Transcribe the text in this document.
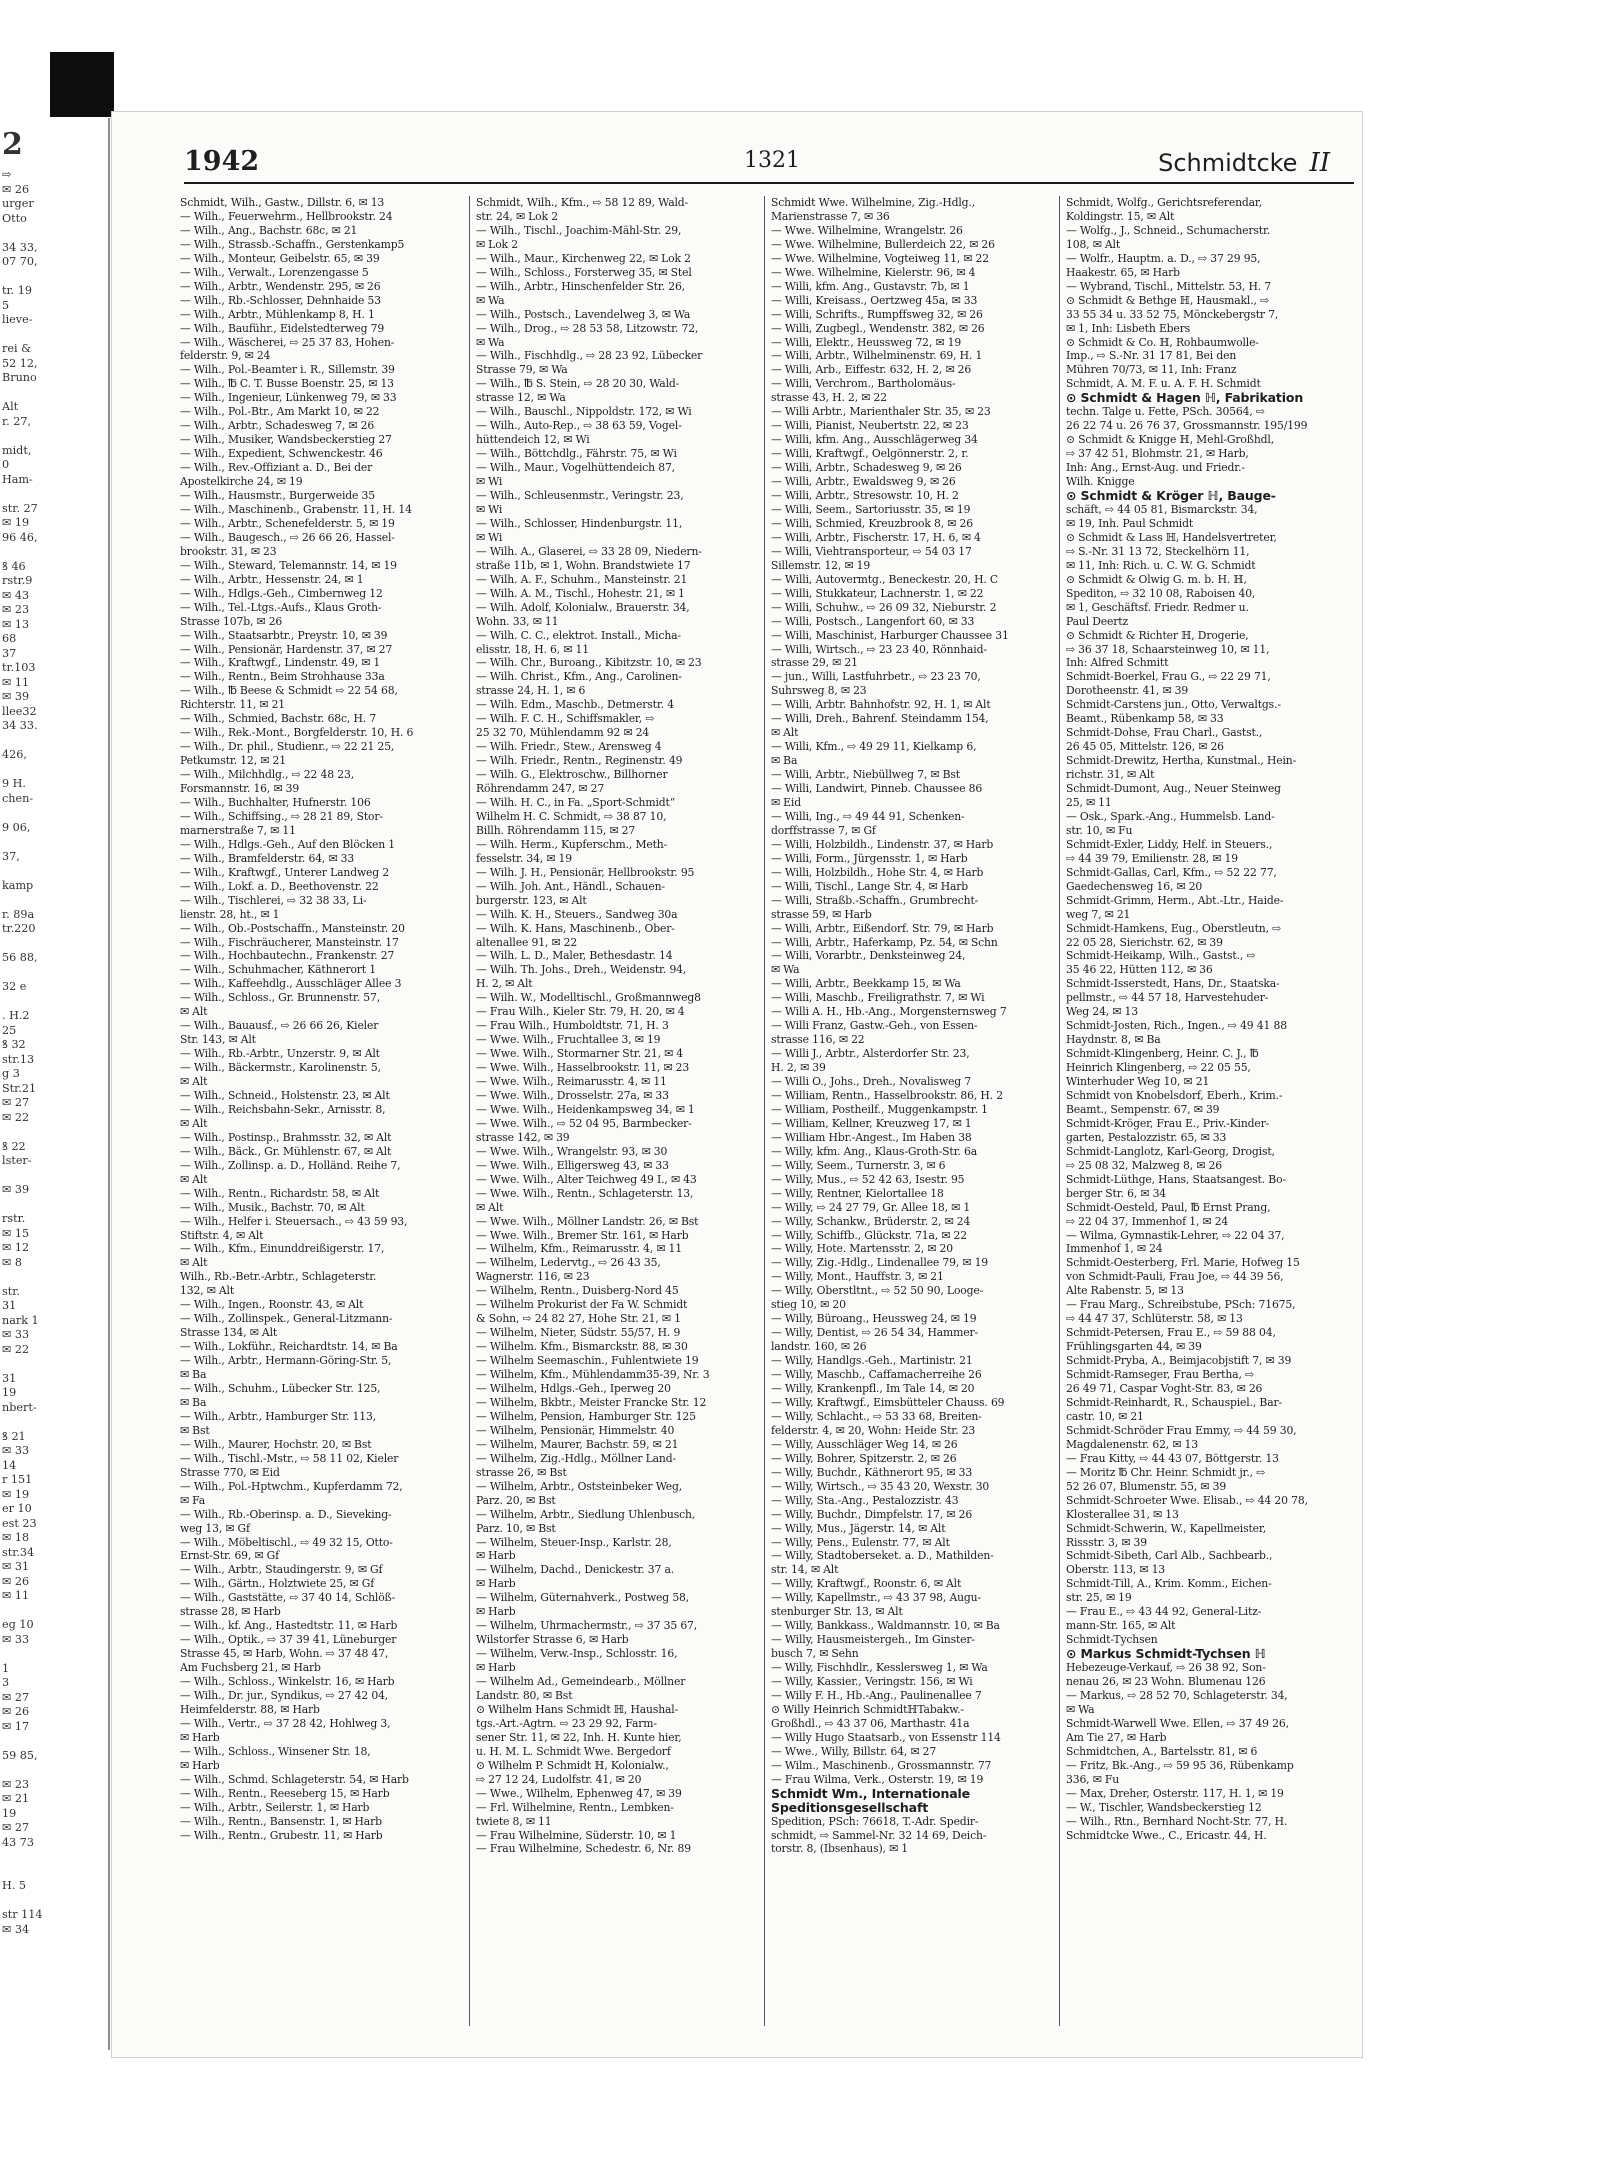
2
⇨
✉ 26
urger
Otto

34 33,
07 70,

tr. 19
5
lieve-

rei &
52 12,
Bruno

Alt
r. 27,

midt,
0
Ham-

str. 27
✉ 19
96 46,

ꝸ 46
rstr.9
✉ 43
✉ 23
✉ 13
68
37
tr.103
✉ 11
✉ 39
llee32
34 33.

426,

9 H.
chen-

9 06,

37,

kamp

r. 89a
tr.220

56 88,

32 e

. H.2
25
ꝸ 32
str.13
g 3
Str.21
✉ 27
✉ 22

ꝸ 22
lster-

✉ 39

rstr.
✉ 15
✉ 12
✉ 8

str.
31
nark 1
✉ 33
✉ 22

31
19
nbert-

ꝸ 21
✉ 33
14
r 151
✉ 19
er 10
est 23
✉ 18
str.34
✉ 31
✉ 26
✉ 11

eg 10
✉ 33

1
3
✉ 27
✉ 26
✉ 17

59 85,

✉ 23
✉ 21
19
✉ 27
43 73

H. 5

str 114
✉ 34
1942	1321	Schmidtcke II
Schmidt, Wilh., Gastw., Dillstr. 6, ✉ 13
— Wilh., Feuerwehrm., Hellbrookstr. 24
— Wilh., Ang., Bachstr. 68c, ✉ 21
— Wilh., Strassb.-Schaffn., Gerstenkamp5
— Wilh., Monteur, Geibelstr. 65, ✉ 39
— Wilh., Verwalt., Lorenzengasse 5
— Wilh., Arbtr., Wendenstr. 295, ✉ 26
— Wilh., Rb.-Schlosser, Dehnhaide 53
— Wilh., Arbtr., Mühlenkamp 8, H. 1
— Wilh., Bauführ., Eidelstedterweg 79
— Wilh., Wäscherei, ⇨ 25 37 83, Hohen-
felderstr. 9, ✉ 24
— Wilh., Pol.-Beamter i. R., Sillemstr. 39
— Wilh., ℔ C. T. Busse Boenstr. 25, ✉ 13
— Wilh., Ingenieur, Lünkenweg 79, ✉ 33
— Wilh., Pol.-Btr., Am Markt 10, ✉ 22
— Wilh., Arbtr., Schadesweg 7, ✉ 26
— Wilh., Musiker, Wandsbeckerstieg 27
— Wilh., Expedient, Schwenckestr. 46
— Wilh., Rev.-Offiziant a. D., Bei der
Apostelkirche 24, ✉ 19
— Wilh., Hausmstr., Burgerweide 35
— Wilh., Maschinenb., Grabenstr. 11, H. 14
— Wilh., Arbtr., Schenefelderstr. 5, ✉ 19
— Wilh., Baugesch., ⇨ 26 66 26, Hassel-
brookstr. 31, ✉ 23
— Wilh., Steward, Telemannstr. 14, ✉ 19
— Wilh., Arbtr., Hessenstr. 24, ✉ 1
— Wilh., Hdlgs.-Geh., Cimbernweg 12
— Wilh., Tel.-Ltgs.-Aufs., Klaus Groth-
Strasse 107b, ✉ 26
— Wilh., Staatsarbtr., Preystr. 10, ✉ 39
— Wilh., Pensionär, Hardenstr. 37, ✉ 27
— Wilh., Kraftwgf., Lindenstr. 49, ✉ 1
— Wilh., Rentn., Beim Strohhause 33a
— Wilh., ℔ Beese & Schmidt ⇨ 22 54 68,
Richterstr. 11, ✉ 21
— Wilh., Schmied, Bachstr. 68c, H. 7
— Wilh., Rek.-Mont., Borgfelderstr. 10, H. 6
— Wilh., Dr. phil., Studienr., ⇨ 22 21 25,
Petkumstr. 12, ✉ 21
— Wilh., Milchhdlg., ⇨ 22 48 23,
Forsmannstr. 16, ✉ 39
— Wilh., Buchhalter, Hufnerstr. 106
— Wilh., Schiffsing., ⇨ 28 21 89, Stor-
marnerstraße 7, ✉ 11
— Wilh., Hdlgs.-Geh., Auf den Blöcken 1
— Wilh., Bramfelderstr. 64, ✉ 33
— Wilh., Kraftwgf., Unterer Landweg 2
— Wilh., Lokf. a. D., Beethovenstr. 22
— Wilh., Tischlerei, ⇨ 32 38 33, Li-
lienstr. 28, ht., ✉ 1
— Wilh., Ob.-Postschaffn., Mansteinstr. 20
— Wilh., Fischräucherer, Mansteinstr. 17
— Wilh., Hochbautechn., Frankenstr. 27
— Wilh., Schuhmacher, Käthnerort 1
— Wilh., Kaffeehdlg., Ausschläger Allee 3
— Wilh., Schloss., Gr. Brunnenstr. 57,
✉ Alt
— Wilh., Bauausf., ⇨ 26 66 26, Kieler
Str. 143, ✉ Alt
— Wilh., Rb.-Arbtr., Unzerstr. 9, ✉ Alt
— Wilh., Bäckermstr., Karolinenstr. 5,
✉ Alt
— Wilh., Schneid., Holstenstr. 23, ✉ Alt
— Wilh., Reichsbahn-Sekr., Arnisstr. 8,
✉ Alt
— Wilh., Postinsp., Brahmsstr. 32, ✉ Alt
— Wilh., Bäck., Gr. Mühlenstr. 67, ✉ Alt
— Wilh., Zollinsp. a. D., Holländ. Reihe 7,
✉ Alt
— Wilh., Rentn., Richardstr. 58, ✉ Alt
— Wilh., Musik., Bachstr. 70, ✉ Alt
— Wilh., Helfer i. Steuersach., ⇨ 43 59 93,
Stiftstr. 4, ✉ Alt
— Wilh., Kfm., Einunddreißigerstr. 17,
✉ Alt
Wilh., Rb.-Betr.-Arbtr., Schlageterstr.
132, ✉ Alt
— Wilh., Ingen., Roonstr. 43, ✉ Alt
— Wilh., Zollinspek., General-Litzmann-
Strasse 134, ✉ Alt
— Wilh., Lokführ., Reichardtstr. 14, ✉ Ba
— Wilh., Arbtr., Hermann-Göring-Str. 5,
✉ Ba
— Wilh., Schuhm., Lübecker Str. 125,
✉ Ba
— Wilh., Arbtr., Hamburger Str. 113,
✉ Bst
— Wilh., Maurer, Hochstr. 20, ✉ Bst
— Wilh., Tischl.-Mstr., ⇨ 58 11 02, Kieler
Strasse 770, ✉ Eid
— Wilh., Pol.-Hptwchm., Kupferdamm 72,
✉ Fa
— Wilh., Rb.-Oberinsp. a. D., Sieveking-
weg 13, ✉ Gf
— Wilh., Möbeltischl., ⇨ 49 32 15, Otto-
Ernst-Str. 69, ✉ Gf
— Wilh., Arbtr., Staudingerstr. 9, ✉ Gf
— Wilh., Gärtn., Holztwiete 25, ✉ Gf
— Wilh., Gaststätte, ⇨ 37 40 14, Schlöß-
strasse 28, ✉ Harb
— Wilh., kf. Ang., Hastedtstr. 11, ✉ Harb
— Wilh., Optik., ⇨ 37 39 41, Lüneburger
Strasse 45, ✉ Harb, Wohn. ⇨ 37 48 47,
Am Fuchsberg 21, ✉ Harb
— Wilh., Schloss., Winkelstr. 16, ✉ Harb
— Wilh., Dr. jur., Syndikus, ⇨ 27 42 04,
Heimfelderstr. 88, ✉ Harb
— Wilh., Vertr., ⇨ 37 28 42, Hohlweg 3,
✉ Harb
— Wilh., Schloss., Winsener Str. 18,
✉ Harb
— Wilh., Schmd. Schlageterstr. 54, ✉ Harb
— Wilh., Rentn., Reeseberg 15, ✉ Harb
— Wilh., Arbtr., Seilerstr. 1, ✉ Harb
— Wilh., Rentn., Bansenstr. 1, ✉ Harb
— Wilh., Rentn., Grubestr. 11, ✉ Harb
Schmidt, Wilh., Kfm., ⇨ 58 12 89, Wald-
str. 24, ✉ Lok 2
— Wilh., Tischl., Joachim-Mähl-Str. 29,
✉ Lok 2
— Wilh., Maur., Kirchenweg 22, ✉ Lok 2
— Wilh., Schloss., Forsterweg 35, ✉ Stel
— Wilh., Arbtr., Hinschenfelder Str. 26,
✉ Wa
— Wilh., Postsch., Lavendelweg 3, ✉ Wa
— Wilh., Drog., ⇨ 28 53 58, Litzowstr. 72,
✉ Wa
— Wilh., Fischhdlg., ⇨ 28 23 92, Lübecker
Strasse 79, ✉ Wa
— Wilh., ℔ S. Stein, ⇨ 28 20 30, Wald-
strasse 12, ✉ Wa
— Wilh., Bauschl., Nippoldstr. 172, ✉ Wi
— Wilh., Auto-Rep., ⇨ 38 63 59, Vogel-
hüttendeich 12, ✉ Wi
— Wilh., Böttchdlg., Fährstr. 75, ✉ Wi
— Wilh., Maur., Vogelhüttendeich 87,
✉ Wi
— Wilh., Schleusenmstr., Veringstr. 23,
✉ Wi
— Wilh., Schlosser, Hindenburgstr. 11,
✉ Wi
— Wilh. A., Glaserei, ⇨ 33 28 09, Niedern-
straße 11b, ✉ 1, Wohn. Brandstwiete 17
— Wilh. A. F., Schuhm., Mansteinstr. 21
— Wilh. A. M., Tischl., Hohestr. 21, ✉ 1
— Wilh. Adolf, Kolonialw., Brauerstr. 34,
Wohn. 33, ✉ 11
— Wilh. C. C., elektrot. Install., Micha-
elisstr. 18, H. 6, ✉ 11
— Wilh. Chr., Buroang., Kibitzstr. 10, ✉ 23
— Wilh. Christ., Kfm., Ang., Carolinen-
strasse 24, H. 1, ✉ 6
— Wilh. Edm., Maschb., Detmerstr. 4
— Wilh. F. C. H., Schiffsmakler, ⇨
25 32 70, Mühlendamm 92 ✉ 24
— Wilh. Friedr., Stew., Arensweg 4
— Wilh. Friedr., Rentn., Reginenstr. 49
— Wilh. G., Elektroschw., Billhorner
Röhrendamm 247, ✉ 27
— Wilh. H. C., in Fa. „Sport-Schmidt“
Wilhelm H. C. Schmidt, ⇨ 38 87 10,
Billh. Röhrendamm 115, ✉ 27
— Wilh. Herm., Kupferschm., Meth-
fesselstr. 34, ✉ 19
— Wilh. J. H., Pensionär, Hellbrookstr. 95
— Wilh. Joh. Ant., Händl., Schauen-
burgerstr. 123, ✉ Alt
— Wilh. K. H., Steuers., Sandweg 30a
— Wilh. K. Hans, Maschinenb., Ober-
altenallee 91, ✉ 22
— Wilh. L. D., Maler, Bethesdastr. 14
— Wilh. Th. Johs., Dreh., Weidenstr. 94,
H. 2, ✉ Alt
— Wilh. W., Modelltischl., Großmannweg8
— Frau Wilh., Kieler Str. 79, H. 20, ✉ 4
— Frau Wilh., Humboldtstr. 71, H. 3
— Wwe. Wilh., Fruchtallee 3, ✉ 19
— Wwe. Wilh., Stormarner Str. 21, ✉ 4
— Wwe. Wilh., Hasselbrookstr. 11, ✉ 23
— Wwe. Wilh., Reimarusstr. 4, ✉ 11
— Wwe. Wilh., Drosselstr. 27a, ✉ 33
— Wwe. Wilh., Heidenkampsweg 34, ✉ 1
— Wwe. Wilh., ⇨ 52 04 95, Barmbecker-
strasse 142, ✉ 39
— Wwe. Wilh., Wrangelstr. 93, ✉ 30
— Wwe. Wilh., Elligersweg 43, ✉ 33
— Wwe. Wilh., Alter Teichweg 49 I., ✉ 43
— Wwe. Wilh., Rentn., Schlageterstr. 13,
✉ Alt
— Wwe. Wilh., Möllner Landstr. 26, ✉ Bst
— Wwe. Wilh., Bremer Str. 161, ✉ Harb
— Wilhelm, Kfm., Reimarusstr. 4, ✉ 11
— Wilhelm, Ledervtg., ⇨ 26 43 35,
Wagnerstr. 116, ✉ 23
— Wilhelm, Rentn., Duisberg-Nord 45
— Wilhelm Prokurist der Fa W. Schmidt
& Sohn, ⇨ 24 82 27, Hohe Str. 21, ✉ 1
— Wilhelm, Nieter, Südstr. 55/57, H. 9
— Wilhelm. Kfm., Bismarckstr. 88, ✉ 30
— Wilhelm Seemaschin., Fuhlentwiete 19
— Wilhelm, Kfm., Mühlendamm35-39, Nr. 3
— Wilhelm, Hdlgs.-Geh., Iperweg 20
— Wilhelm, Bkbtr., Meister Francke Str. 12
— Wilhelm, Pension, Hamburger Str. 125
— Wilhelm, Pensionär, Himmelstr. 40
— Wilhelm, Maurer, Bachstr. 59, ✉ 21
— Wilhelm, Zig.-Hdlg., Möllner Land-
strasse 26, ✉ Bst
— Wilhelm, Arbtr., Oststeinbeker Weg,
Parz. 20, ✉ Bst
— Wilhelm, Arbtr., Siedlung Uhlenbusch,
Parz. 10, ✉ Bst
— Wilhelm, Steuer-Insp., Karlstr. 28,
✉ Harb
— Wilhelm, Dachd., Denickestr. 37 a.
✉ Harb
— Wilhelm, Güternahverk., Postweg 58,
✉ Harb
— Wilhelm, Uhrmachermstr., ⇨ 37 35 67,
Wilstorfer Strasse 6, ✉ Harb
— Wilhelm, Verw.-Insp., Schlosstr. 16,
✉ Harb
— Wilhelm Ad., Gemeindearb., Möllner
Landstr. 80, ✉ Bst
⊙ Wilhelm Hans Schmidt ℍ, Haushal-
tgs.-Art.-Agtrn. ⇨ 23 29 92, Farm-
sener Str. 11, ✉ 22, Inh. H. Kunte hier,
u. H. M. L. Schmidt Wwe. Bergedorf
⊙ Wilhelm P. Schmidt ℍ, Kolonialw.,
⇨ 27 12 24, Ludolfstr. 41, ✉ 20
— Wwe., Wilhelm, Ephenweg 47, ✉ 39
— Frl. Wilhelmine, Rentn., Lembken-
twiete 8, ✉ 11
— Frau Wilhelmine, Süderstr. 10, ✉ 1
— Frau Wilhelmine, Schedestr. 6, Nr. 89
Schmidt Wwe. Wilhelmine, Zig.-Hdlg.,
Marienstrasse 7, ✉ 36
— Wwe. Wilhelmine, Wrangelstr. 26
— Wwe. Wilhelmine, Bullerdeich 22, ✉ 26
— Wwe. Wilhelmine, Vogteiweg 11, ✉ 22
— Wwe. Wilhelmine, Kielerstr. 96, ✉ 4
— Willi, kfm. Ang., Gustavstr. 7b, ✉ 1
— Willi, Kreisass., Oertzweg 45a, ✉ 33
— Willi, Schrifts., Rumpffsweg 32, ✉ 26
— Willi, Zugbegl., Wendenstr. 382, ✉ 26
— Willi, Elektr., Heussweg 72, ✉ 19
— Willi, Arbtr., Wilhelminenstr. 69, H. 1
— Willi, Arb., Eiffestr. 632, H. 2, ✉ 26
— Willi, Verchrom., Bartholomäus-
strasse 43, H. 2, ✉ 22
— Willi Arbtr., Marienthaler Str. 35, ✉ 23
— Willi, Pianist, Neubertstr. 22, ✉ 23
— Willi, kfm. Ang., Ausschlägerweg 34
— Willi, Kraftwgf., Oelgönnerstr. 2, r.
— Willi, Arbtr., Schadesweg 9, ✉ 26
— Willi, Arbtr., Ewaldsweg 9, ✉ 26
— Willi, Arbtr., Stresowstr. 10, H. 2
— Willi, Seem., Sartoriusstr. 35, ✉ 19
— Willi, Schmied, Kreuzbrook 8, ✉ 26
— Willi, Arbtr., Fischerstr. 17, H. 6, ✉ 4
— Willi, Viehtransporteur, ⇨ 54 03 17
Sillemstr. 12, ✉ 19
— Willi, Autovermtg., Beneckestr. 20, H. C
— Willi, Stukkateur, Lachnerstr. 1, ✉ 22
— Willi, Schuhw., ⇨ 26 09 32, Nieburstr. 2
— Willi, Postsch., Langenfort 60, ✉ 33
— Willi, Maschinist, Harburger Chaussee 31
— Willi, Wirtsch., ⇨ 23 23 40, Rönnhaid-
strasse 29, ✉ 21
— jun., Willi, Lastfuhrbetr., ⇨ 23 23 70,
Suhrsweg 8, ✉ 23
— Willi, Arbtr. Bahnhofstr. 92, H. 1, ✉ Alt
— Willi, Dreh., Bahrenf. Steindamm 154,
✉ Alt
— Willi, Kfm., ⇨ 49 29 11, Kielkamp 6,
✉ Ba
— Willi, Arbtr., Niebüllweg 7, ✉ Bst
— Willi, Landwirt, Pinneb. Chaussee 86
✉ Eid
— Willi, Ing., ⇨ 49 44 91, Schenken-
dorffstrasse 7, ✉ Gf
— Willi, Holzbildh., Lindenstr. 37, ✉ Harb
— Willi, Form., Jürgensstr. 1, ✉ Harb
— Willi, Holzbildh., Hohe Str. 4, ✉ Harb
— Willi, Tischl., Lange Str. 4, ✉ Harb
— Willi, Straßb.-Schaffn., Grumbrecht-
strasse 59, ✉ Harb
— Willi, Arbtr., Eißendorf. Str. 79, ✉ Harb
— Willi, Arbtr., Haferkamp, Pz. 54, ✉ Schn
— Willi, Vorarbtr., Denksteinweg 24,
✉ Wa
— Willi, Arbtr., Beekkamp 15, ✉ Wa
— Willi, Maschb., Freiligrathstr. 7, ✉ Wi
— Willi A. H., Hb.-Ang., Morgensternsweg 7
— Willi Franz, Gastw.-Geh., von Essen-
strasse 116, ✉ 22
— Willi J., Arbtr., Alsterdorfer Str. 23,
H. 2, ✉ 39
— Willi O., Johs., Dreh., Novalisweg 7
— William, Rentn., Hasselbrookstr. 86, H. 2
— William, Postheilf., Muggenkampstr. 1
— William, Kellner, Kreuzweg 17, ✉ 1
— William Hbr.-Angest., Im Haben 38
— Willy, kfm. Ang., Klaus-Groth-Str. 6a
— Willy, Seem., Turnerstr. 3, ✉ 6
— Willy, Mus., ⇨ 52 42 63, Isestr. 95
— Willy, Rentner, Kielortallee 18
— Willy, ⇨ 24 27 79, Gr. Allee 18, ✉ 1
— Willy, Schankw., Brüderstr. 2, ✉ 24
— Willy, Schiffb., Glückstr. 71a, ✉ 22
— Willy, Hote. Martensstr. 2, ✉ 20
— Willy, Zig.-Hdlg., Lindenallee 79, ✉ 19
— Willy, Mont., Hauffstr. 3, ✉ 21
— Willy, Oberstltnt., ⇨ 52 50 90, Looge-
stieg 10, ✉ 20
— Willy, Büroang., Heussweg 24, ✉ 19
— Willy, Dentist, ⇨ 26 54 34, Hammer-
landstr. 160, ✉ 26
— Willy, Handlgs.-Geh., Martinistr. 21
— Willy, Maschb., Caffamacherreihe 26
— Willy, Krankenpfl., Im Tale 14, ✉ 20
— Willy, Kraftwgf., Eimsbütteler Chauss. 69
— Willy, Schlacht., ⇨ 53 33 68, Breiten-
felderstr. 4, ✉ 20, Wohn: Heide Str. 23
— Willy, Ausschläger Weg 14, ✉ 26
— Willy, Bohrer, Spitzerstr. 2, ✉ 26
— Willy, Buchdr., Käthnerort 95, ✉ 33
— Willy, Wirtsch., ⇨ 35 43 20, Wexstr. 30
— Willy, Sta.-Ang., Pestalozzistr. 43
— Willy, Buchdr., Dimpfelstr. 17, ✉ 26
— Willy, Mus., Jägerstr. 14, ✉ Alt
— Willy, Pens., Eulenstr. 77, ✉ Alt
— Willy, Stadtoberseket. a. D., Mathilden-
str. 14, ✉ Alt
— Willy, Kraftwgf., Roonstr. 6, ✉ Alt
— Willy, Kapellmstr., ⇨ 43 37 98, Augu-
stenburger Str. 13, ✉ Alt
— Willy, Bankkass., Waldmannstr. 10, ✉ Ba
— Willy, Hausmeistergeh., Im Ginster-
busch 7, ✉ Sehn
— Willy, Fischhdlr., Kesslersweg 1, ✉ Wa
— Willy, Kassier., Veringstr. 156, ✉ Wi
— Willy F. H., Hb.-Ang., Paulinenallee 7
⊙ Willy Heinrich SchmidtℍTabakw.-
Großhdl., ⇨ 43 37 06, Marthastr. 41a
— Willy Hugo Staatsarb., von Essenstr 114
— Wwe., Willy, Billstr. 64, ✉ 27
— Wilm., Maschinenb., Grossmannstr. 77
— Frau Wilma, Verk., Osterstr. 19, ✉ 19
Schmidt Wm., Internationale
Speditionsgesellschaft
Spedition, PSch: 76618, T.-Adr. Spedir-
schmidt, ⇨ Sammel-Nr. 32 14 69, Deich-
torstr. 8, (Ibsenhaus), ✉ 1
Schmidt, Wolfg., Gerichtsreferendar,
Koldingstr. 15, ✉ Alt
— Wolfg., J., Schneid., Schumacherstr.
108, ✉ Alt
— Wolfr., Hauptm. a. D., ⇨ 37 29 95,
Haakestr. 65, ✉ Harb
— Wybrand, Tischl., Mittelstr. 53, H. 7
⊙ Schmidt & Bethge ℍ, Hausmakl., ⇨
33 55 34 u. 33 52 75, Mönckebergstr 7,
✉ 1, Inh: Lisbeth Ebers
⊙ Schmidt & Co. ℍ, Rohbaumwolle-
Imp., ⇨ S.-Nr. 31 17 81, Bei den
Mühren 70/73, ✉ 11, Inh: Franz
Schmidt, A. M. F. u. A. F. H. Schmidt
⊙ Schmidt & Hagen ℍ, Fabrikation
techn. Talge u. Fette, PSch. 30564, ⇨
26 22 74 u. 26 76 37, Grossmannstr. 195/199
⊙ Schmidt & Knigge ℍ, Mehl-Großhdl,
⇨ 37 42 51, Blohmstr. 21, ✉ Harb,
Inh: Ang., Ernst-Aug. und Friedr.-
Wilh. Knigge
⊙ Schmidt & Kröger ℍ, Bauge-
schäft, ⇨ 44 05 81, Bismarckstr. 34,
✉ 19, Inh. Paul Schmidt
⊙ Schmidt & Lass ℍ, Handelsvertreter,
⇨ S.-Nr. 31 13 72, Steckelhörn 11,
✉ 11, Inh: Rich. u. C. W. G. Schmidt
⊙ Schmidt & Olwig G. m. b. H. ℍ,
Spediton, ⇨ 32 10 08, Raboisen 40,
✉ 1, Geschäftsf. Friedr. Redmer u.
Paul Deertz
⊙ Schmidt & Richter ℍ, Drogerie,
⇨ 36 37 18, Schaarsteinweg 10, ✉ 11,
Inh: Alfred Schmitt
Schmidt-Boerkel, Frau G., ⇨ 22 29 71,
Dorotheenstr. 41, ✉ 39
Schmidt-Carstens jun., Otto, Verwaltgs.-
Beamt., Rübenkamp 58, ✉ 33
Schmidt-Dohse, Frau Charl., Gastst.,
26 45 05, Mittelstr. 126, ✉ 26
Schmidt-Drewitz, Hertha, Kunstmal., Hein-
richstr. 31, ✉ Alt
Schmidt-Dumont, Aug., Neuer Steinweg
25, ✉ 11
— Osk., Spark.-Ang., Hummelsb. Land-
str. 10, ✉ Fu
Schmidt-Exler, Liddy, Helf. in Steuers.,
⇨ 44 39 79, Emilienstr. 28, ✉ 19
Schmidt-Gallas, Carl, Kfm., ⇨ 52 22 77,
Gaedechensweg 16, ✉ 20
Schmidt-Grimm, Herm., Abt.-Ltr., Haide-
weg 7, ✉ 21
Schmidt-Hamkens, Eug., Oberstleutn, ⇨
22 05 28, Sierichstr. 62, ✉ 39
Schmidt-Heikamp, Wilh., Gastst., ⇨
35 46 22, Hütten 112, ✉ 36
Schmidt-Isserstedt, Hans, Dr., Staatska-
pellmstr., ⇨ 44 57 18, Harvestehuder-
Weg 24, ✉ 13
Schmidt-Josten, Rich., Ingen., ⇨ 49 41 88
Haydnstr. 8, ✉ Ba
Schmidt-Klingenberg, Heinr. C. J., ℔
Heinrich Klingenberg, ⇨ 22 05 55,
Winterhuder Weg 10, ✉ 21
Schmidt von Knobelsdorf, Eberh., Krim.-
Beamt., Sempenstr. 67, ✉ 39
Schmidt-Kröger, Frau E., Priv.-Kinder-
garten, Pestalozzistr. 65, ✉ 33
Schmidt-Langlotz, Karl-Georg, Drogist,
⇨ 25 08 32, Malzweg 8, ✉ 26
Schmidt-Lüthge, Hans, Staatsangest. Bo-
berger Str. 6, ✉ 34
Schmidt-Oesteld, Paul, ℔ Ernst Prang,
⇨ 22 04 37, Immenhof 1, ✉ 24
— Wilma, Gymnastik-Lehrer, ⇨ 22 04 37,
Immenhof 1, ✉ 24
Schmidt-Oesterberg, Frl. Marie, Hofweg 15
von Schmidt-Pauli, Frau Joe, ⇨ 44 39 56,
Alte Rabenstr. 5, ✉ 13
— Frau Marg., Schreibstube, PSch: 71675,
⇨ 44 47 37, Schlüterstr. 58, ✉ 13
Schmidt-Petersen, Frau E., ⇨ 59 88 04,
Frühlingsgarten 44, ✉ 39
Schmidt-Pryba, A., Beimjacobjstift 7, ✉ 39
Schmidt-Ramseger, Frau Bertha, ⇨
26 49 71, Caspar Voght-Str. 83, ✉ 26
Schmidt-Reinhardt, R., Schauspiel., Bar-
castr. 10, ✉ 21
Schmidt-Schröder Frau Emmy, ⇨ 44 59 30,
Magdalenenstr. 62, ✉ 13
— Frau Kitty, ⇨ 44 43 07, Böttgerstr. 13
— Moritz ℔ Chr. Heinr. Schmidt jr., ⇨
52 26 07, Blumenstr. 55, ✉ 39
Schmidt-Schroeter Wwe. Elisab., ⇨ 44 20 78,
Klosterallee 31, ✉ 13
Schmidt-Schwerin, W., Kapellmeister,
Rissstr. 3, ✉ 39
Schmidt-Sibeth, Carl Alb., Sachbearb.,
Oberstr. 113, ✉ 13
Schmidt-Till, A., Krim. Komm., Eichen-
str. 25, ✉ 19
— Frau E., ⇨ 43 44 92, General-Litz-
mann-Str. 165, ✉ Alt
Schmidt-Tychsen
⊙ Markus Schmidt-Tychsen ℍ
Hebezeuge-Verkauf, ⇨ 26 38 92, Son-
nenau 26, ✉ 23 Wohn. Blumenau 126
— Markus, ⇨ 28 52 70, Schlageterstr. 34,
✉ Wa
Schmidt-Warwell Wwe. Ellen, ⇨ 37 49 26,
Am Tie 27, ✉ Harb
Schmidtchen, A., Bartelsstr. 81, ✉ 6
— Fritz, Bk.-Ang., ⇨ 59 95 36, Rübenkamp
336, ✉ Fu
— Max, Dreher, Osterstr. 117, H. 1, ✉ 19
— W., Tischler, Wandsbeckerstieg 12
— Wilh., Rtn., Bernhard Nocht-Str. 77, H.
Schmidtcke Wwe., C., Ericastr. 44, H.
